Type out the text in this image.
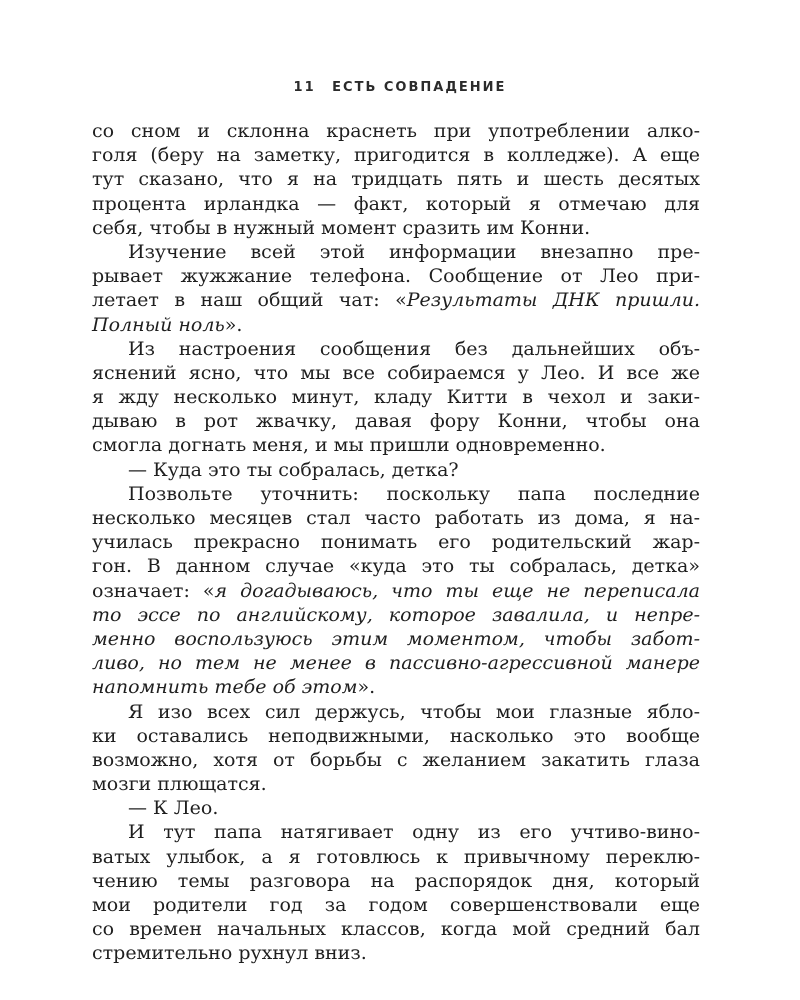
11 ЕСТЬ СОВПАДЕНИЕ
со сном и склонна краснеть при употреблении алко-
голя (беру на заметку, пригодится в колледже). А еще
тут сказано, что я на тридцать пять и шесть десятых
процента ирландка — факт, который я отмечаю для
себя, чтобы в нужный момент сразить им Конни.
Изучение всей этой информации внезапно пре-
рывает жужжание телефона. Сообщение от Лео при-
летает в наш общий чат: «Результаты ДНК пришли.
Полный ноль».
Из настроения сообщения без дальнейших объ-
яснений ясно, что мы все собираемся у Лео. И все же
я жду несколько минут, кладу Китти в чехол и заки-
дываю в рот жвачку, давая фору Конни, чтобы она
смогла догнать меня, и мы пришли одновременно.
— Куда это ты собралась, детка?
Позвольте уточнить: поскольку папа последние
несколько месяцев стал часто работать из дома, я на-
училась прекрасно понимать его родительский жар-
гон. В данном случае «куда это ты собралась, детка»
означает: «я догадываюсь, что ты еще не переписала
то эссе по английскому, которое завалила, и непре-
менно воспользуюсь этим моментом, чтобы забот-
ливо, но тем не менее в пассивно-агрессивной манере
напомнить тебе об этом».
Я изо всех сил держусь, чтобы мои глазные ябло-
ки оставались неподвижными, насколько это вообще
возможно, хотя от борьбы с желанием закатить глаза
мозги плющатся.
— К Лео.
И тут папа натягивает одну из его учтиво-вино-
ватых улыбок, а я готовлюсь к привычному переклю-
чению темы разговора на распорядок дня, который
мои родители год за годом совершенствовали еще
со времен начальных классов, когда мой средний бал
стремительно рухнул вниз.
